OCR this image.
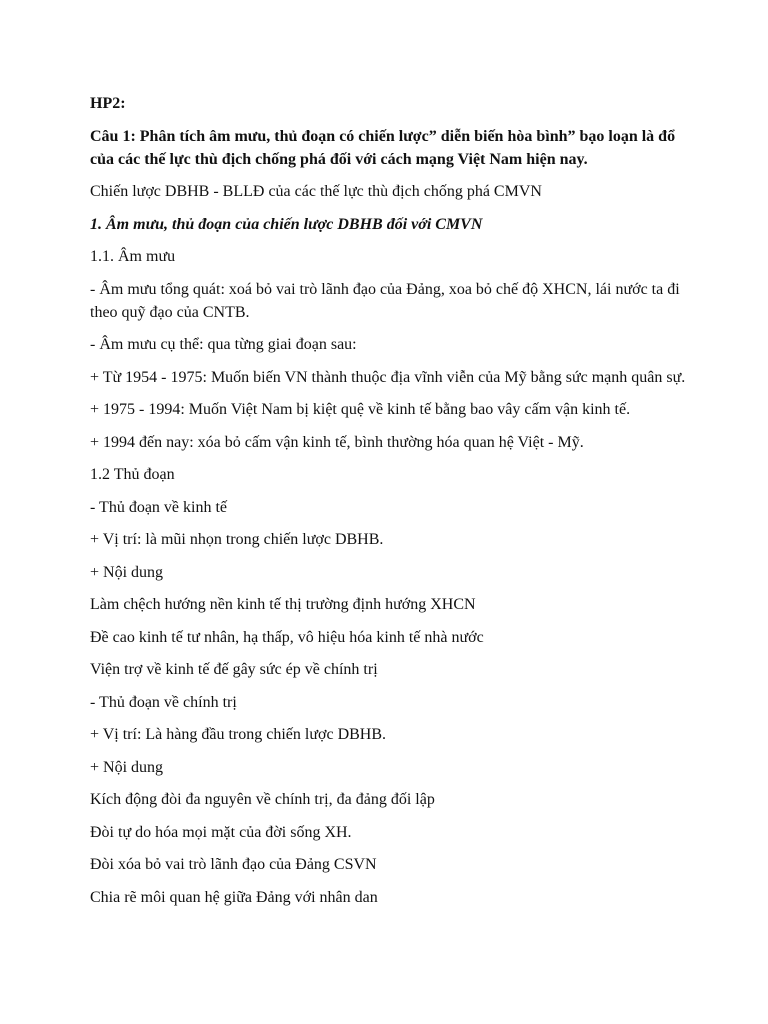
HP2:

Câu 1: Phân tích âm mưu, thủ đoạn có chiến lược” diễn biến hòa bình” bạo loạn là đổ của các thế lực thù địch chống phá đối với cách mạng Việt Nam hiện nay.

Chiến lược DBHB - BLLĐ của các thế lực thù địch chống phá CMVN

1. Âm mưu, thủ đoạn của chiến lược DBHB đối với CMVN

1.1. Âm mưu

- Âm mưu tổng quát: xoá bỏ vai trò lãnh đạo của Đảng, xoa bỏ chế độ XHCN, lái nước ta đi theo quỹ đạo của CNTB.

- Âm mưu cụ thể: qua từng giai đoạn sau:

+ Từ 1954 - 1975: Muốn biến VN thành thuộc địa vĩnh viễn của Mỹ bằng sức mạnh quân sự.

+ 1975 - 1994: Muốn Việt Nam bị kiệt quệ về kinh tế bằng bao vây cấm vận kinh tế.

+ 1994 đến nay: xóa bỏ cấm vận kinh tế, bình thường hóa quan hệ Việt - Mỹ.

1.2 Thủ đoạn

- Thủ đoạn về kinh tế

+ Vị trí: là mũi nhọn trong chiến lược DBHB.

+ Nội dung

Làm chệch hướng nền kinh tế thị trường định hướng XHCN

Đề cao kinh tế tư nhân, hạ thấp, vô hiệu hóa kinh tế nhà nước

Viện trợ về kinh tế đế gây sức ép về chính trị

- Thủ đoạn về chính trị

+ Vị trí: Là hàng đầu trong chiến lược DBHB.

+ Nội dung

Kích động đòi đa nguyên về chính trị, đa đảng đối lập

Đòi tự do hóa mọi mặt của đời sống XH.

Đòi xóa bỏ vai trò lãnh đạo của Đảng CSVN

Chia rẽ môi quan hệ giữa Đảng với nhân dan
